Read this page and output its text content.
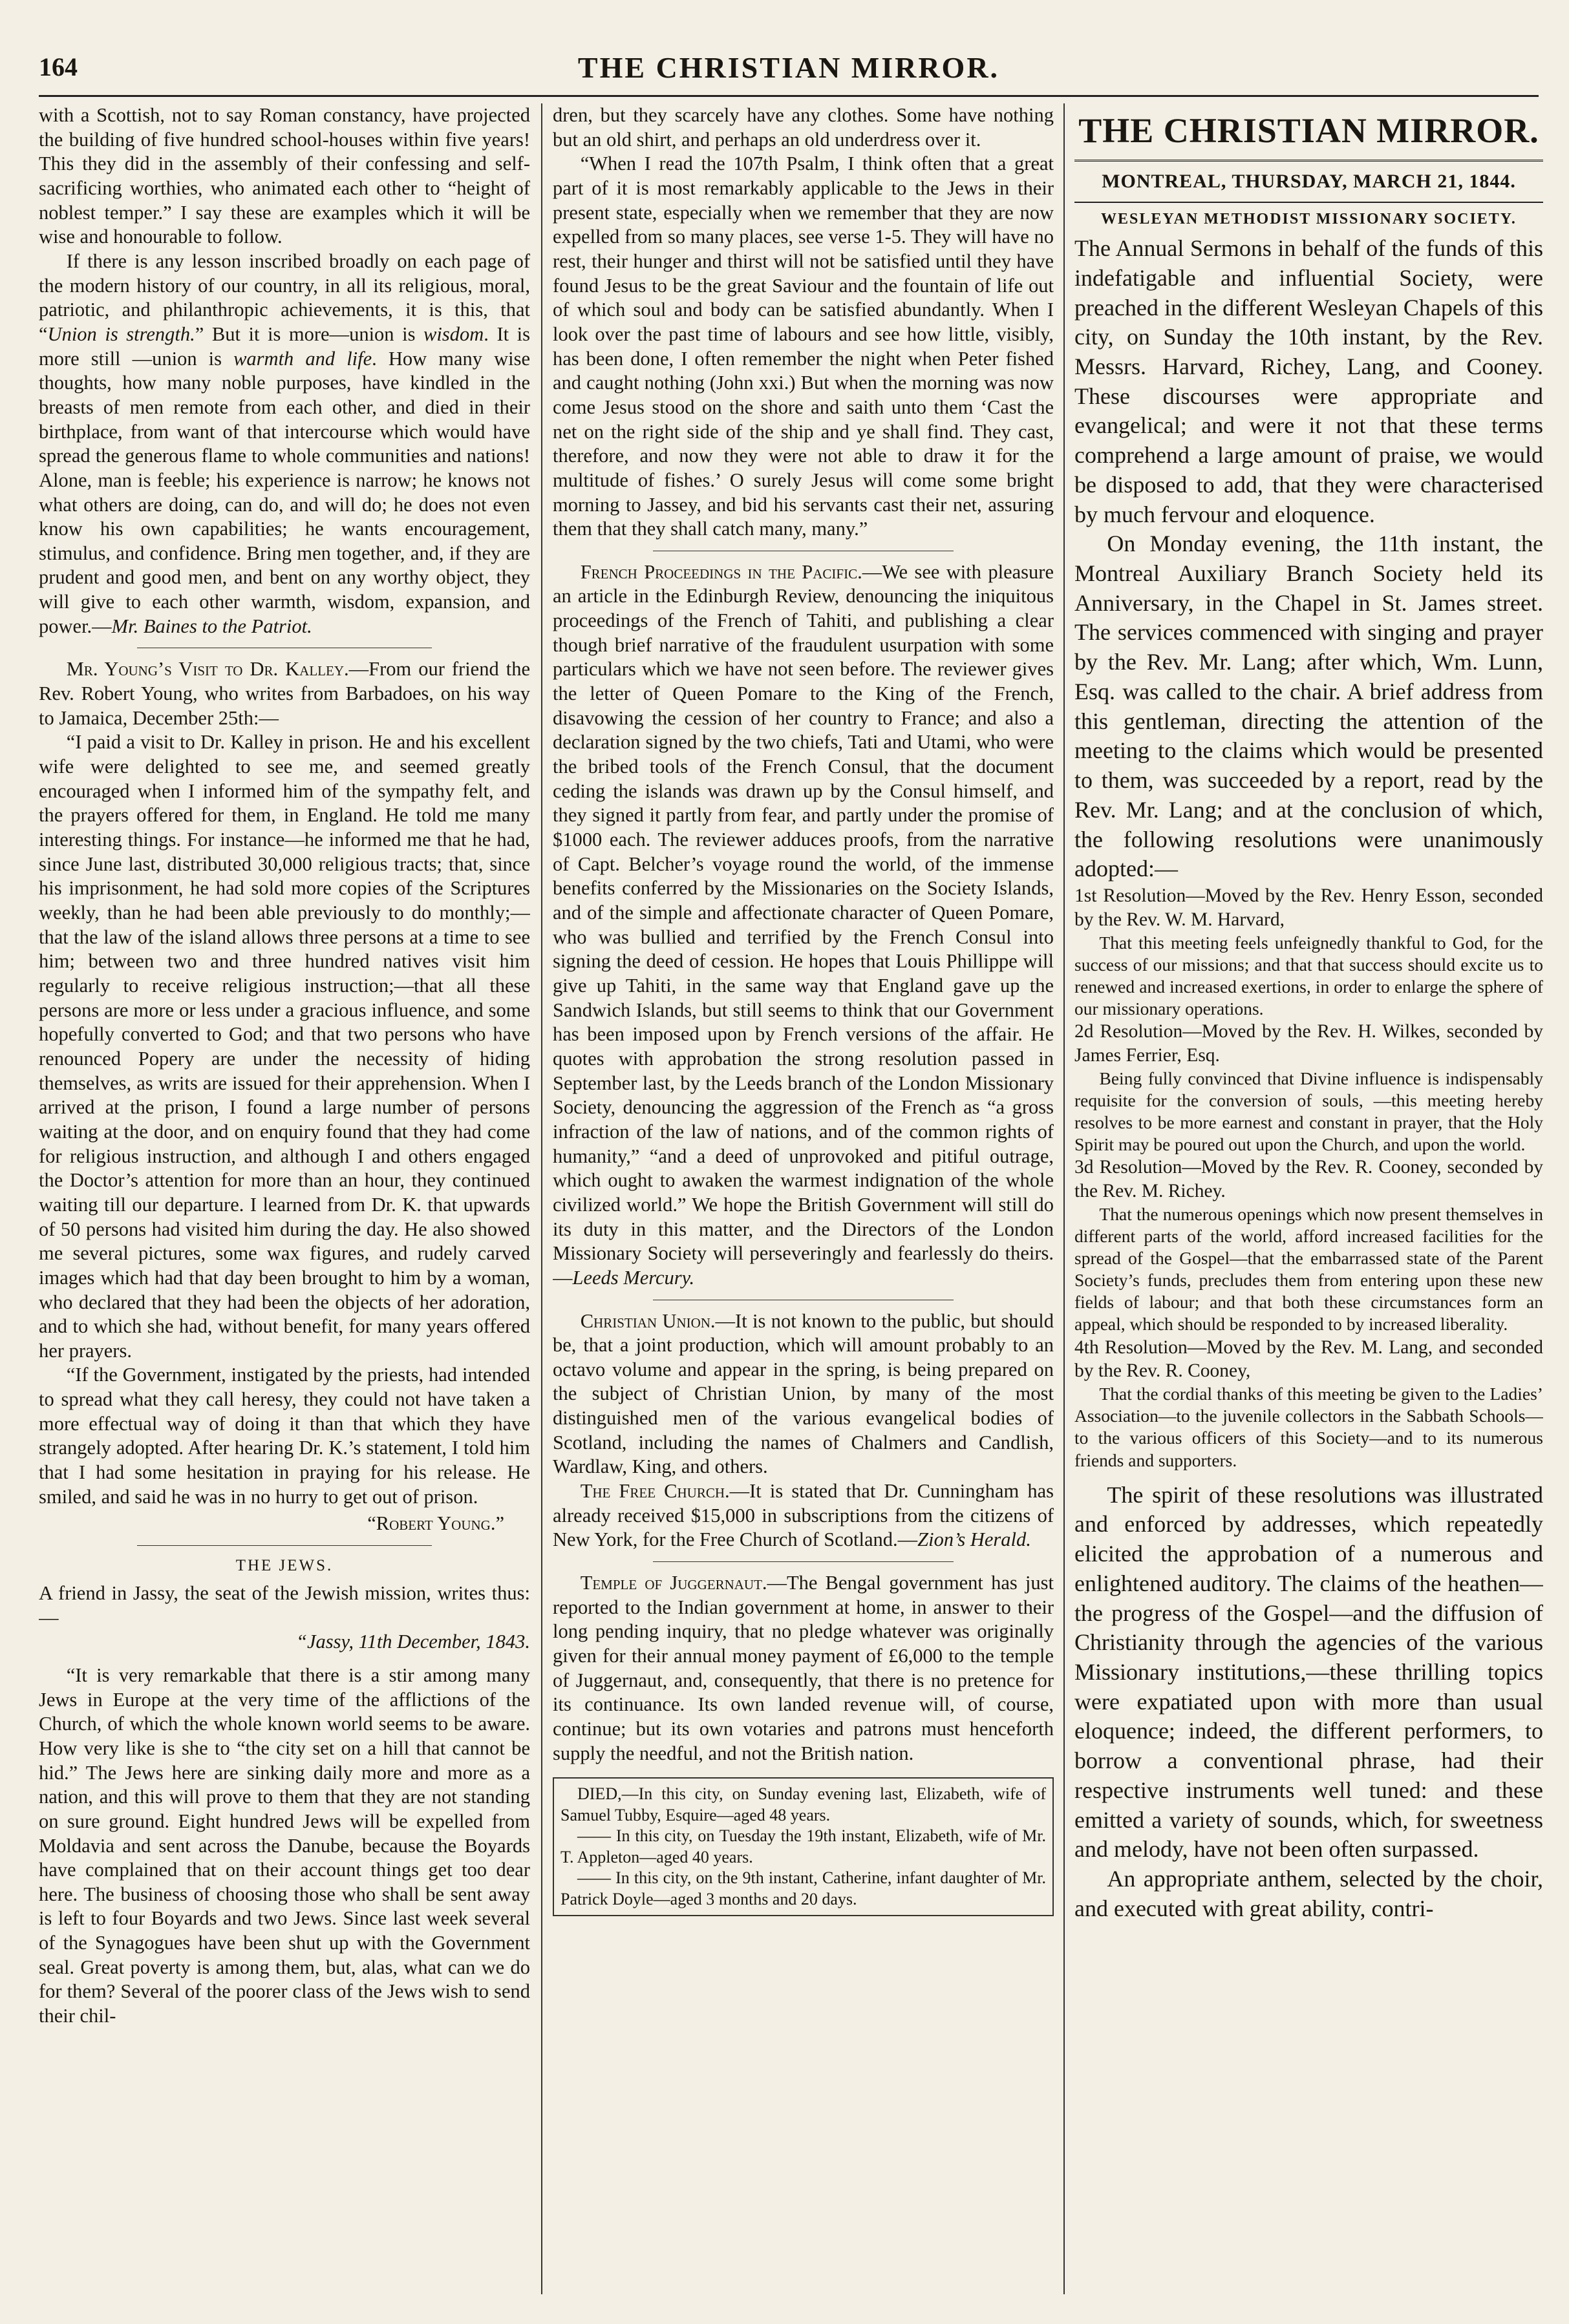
164	THE CHRISTIAN MIRROR.

with a Scottish, not to say Roman constancy, have projected the building of five hundred school-houses within five years! This they did in the assembly of their confessing and self-sacrificing worthies, who animated each other to “height of noblest temper.” I say these are examples which it will be wise and honourable to follow.

If there is any lesson inscribed broadly on each page of the modern history of our country, in all its religious, moral, patriotic, and philanthropic achievements, it is this, that “Union is strength.” But it is more—union is wisdom. It is more still —union is warmth and life. How many wise thoughts, how many noble purposes, have kindled in the breasts of men remote from each other, and died in their birthplace, from want of that intercourse which would have spread the generous flame to whole communities and nations! Alone, man is feeble; his experience is narrow; he knows not what others are doing, can do, and will do; he does not even know his own capabilities; he wants encouragement, stimulus, and confidence. Bring men together, and, if they are prudent and good men, and bent on any worthy object, they will give to each other warmth, wisdom, expansion, and power.—Mr. Baines to the Patriot.

Mr. Young’s Visit to Dr. Kalley.—From our friend the Rev. Robert Young, who writes from Barbadoes, on his way to Jamaica, December 25th:—

“I paid a visit to Dr. Kalley in prison. He and his excellent wife were delighted to see me, and seemed greatly encouraged when I informed him of the sympathy felt, and the prayers offered for them, in England. He told me many interesting things. For instance—he informed me that he had, since June last, distributed 30,000 religious tracts; that, since his imprisonment, he had sold more copies of the Scriptures weekly, than he had been able previously to do monthly;—that the law of the island allows three persons at a time to see him; between two and three hundred natives visit him regularly to receive religious instruction;—that all these persons are more or less under a gracious influence, and some hopefully converted to God; and that two persons who have renounced Popery are under the necessity of hiding themselves, as writs are issued for their apprehension. When I arrived at the prison, I found a large number of persons waiting at the door, and on enquiry found that they had come for religious instruction, and although I and others engaged the Doctor’s attention for more than an hour, they continued waiting till our departure. I learned from Dr. K. that upwards of 50 persons had visited him during the day. He also showed me several pictures, some wax figures, and rudely carved images which had that day been brought to him by a woman, who declared that they had been the objects of her adoration, and to which she had, without benefit, for many years offered her prayers.

“If the Government, instigated by the priests, had intended to spread what they call heresy, they could not have taken a more effectual way of doing it than that which they have strangely adopted. After hearing Dr. K.’s statement, I told him that I had some hesitation in praying for his release. He smiled, and said he was in no hurry to get out of prison.

“Robert Young.”
THE JEWS.

A friend in Jassy, the seat of the Jewish mission, writes thus:—

“Jassy, 11th December, 1843.

“It is very remarkable that there is a stir among many Jews in Europe at the very time of the afflictions of the Church, of which the whole known world seems to be aware. How very like is she to “the city set on a hill that cannot be hid.” The Jews here are sinking daily more and more as a nation, and this will prove to them that they are not standing on sure ground. Eight hundred Jews will be expelled from Moldavia and sent across the Danube, because the Boyards have complained that on their account things get too dear here. The business of choosing those who shall be sent away is left to four Boyards and two Jews. Since last week several of the Synagogues have been shut up with the Government seal. Great poverty is among them, but, alas, what can we do for them? Several of the poorer class of the Jews wish to send their chil-

dren, but they scarcely have any clothes. Some have nothing but an old shirt, and perhaps an old underdress over it.

“When I read the 107th Psalm, I think often that a great part of it is most remarkably applicable to the Jews in their present state, especially when we remember that they are now expelled from so many places, see verse 1-5. They will have no rest, their hunger and thirst will not be satisfied until they have found Jesus to be the great Saviour and the fountain of life out of which soul and body can be satisfied abundantly. When I look over the past time of labours and see how little, visibly, has been done, I often remember the night when Peter fished and caught nothing (John xxi.) But when the morning was now come Jesus stood on the shore and saith unto them ‘Cast the net on the right side of the ship and ye shall find. They cast, therefore, and now they were not able to draw it for the multitude of fishes.’ O surely Jesus will come some bright morning to Jassey, and bid his servants cast their net, assuring them that they shall catch many, many.”

French Proceedings in the Pacific.—We see with pleasure an article in the Edinburgh Review, denouncing the iniquitous proceedings of the French of Tahiti, and publishing a clear though brief narrative of the fraudulent usurpation with some particulars which we have not seen before. The reviewer gives the letter of Queen Pomare to the King of the French, disavowing the cession of her country to France; and also a declaration signed by the two chiefs, Tati and Utami, who were the bribed tools of the French Consul, that the document ceding the islands was drawn up by the Consul himself, and they signed it partly from fear, and partly under the promise of $1000 each. The reviewer adduces proofs, from the narrative of Capt. Belcher’s voyage round the world, of the immense benefits conferred by the Missionaries on the Society Islands, and of the simple and affectionate character of Queen Pomare, who was bullied and terrified by the French Consul into signing the deed of cession. He hopes that Louis Phillippe will give up Tahiti, in the same way that England gave up the Sandwich Islands, but still seems to think that our Government has been imposed upon by French versions of the affair. He quotes with approbation the strong resolution passed in September last, by the Leeds branch of the London Missionary Society, denouncing the aggression of the French as “a gross infraction of the law of nations, and of the common rights of humanity,” “and a deed of unprovoked and pitiful outrage, which ought to awaken the warmest indignation of the whole civilized world.” We hope the British Government will still do its duty in this matter, and the Directors of the London Missionary Society will perseveringly and fearlessly do theirs.—Leeds Mercury.

Christian Union.—It is not known to the public, but should be, that a joint production, which will amount probably to an octavo volume and appear in the spring, is being prepared on the subject of Christian Union, by many of the most distinguished men of the various evangelical bodies of Scotland, including the names of Chalmers and Candlish, Wardlaw, King, and others.

The Free Church.—It is stated that Dr. Cunningham has already received $15,000 in subscriptions from the citizens of New York, for the Free Church of Scotland.—Zion’s Herald.

Temple of Juggernaut.—The Bengal government has just reported to the Indian government at home, in answer to their long pending inquiry, that no pledge whatever was originally given for their annual money payment of £6,000 to the temple of Juggernaut, and, consequently, that there is no pretence for its continuance. Its own landed revenue will, of course, continue; but its own votaries and patrons must henceforth supply the needful, and not the British nation.

DIED,—In this city, on Sunday evening last, Elizabeth, wife of Samuel Tubby, Esquire—aged 48 years.

—— In this city, on Tuesday the 19th instant, Elizabeth, wife of Mr. T. Appleton—aged 40 years.

—— In this city, on the 9th instant, Catherine, infant daughter of Mr. Patrick Doyle—aged 3 months and 20 days.

THE CHRISTIAN MIRROR.
MONTREAL, THURSDAY, MARCH 21, 1844.
WESLEYAN METHODIST MISSIONARY SOCIETY.

The Annual Sermons in behalf of the funds of this indefatigable and influential Society, were preached in the different Wesleyan Chapels of this city, on Sunday the 10th instant, by the Rev. Messrs. Harvard, Richey, Lang, and Cooney. These discourses were appropriate and evangelical; and were it not that these terms comprehend a large amount of praise, we would be disposed to add, that they were characterised by much fervour and eloquence.

On Monday evening, the 11th instant, the Montreal Auxiliary Branch Society held its Anniversary, in the Chapel in St. James street. The services commenced with singing and prayer by the Rev. Mr. Lang; after which, Wm. Lunn, Esq. was called to the chair. A brief address from this gentleman, directing the attention of the meeting to the claims which would be presented to them, was succeeded by a report, read by the Rev. Mr. Lang; and at the conclusion of which, the following resolutions were unanimously adopted:—

1st Resolution—Moved by the Rev. Henry Esson, seconded by the Rev. W. M. Harvard,

That this meeting feels unfeignedly thankful to God, for the success of our missions; and that that success should excite us to renewed and increased exertions, in order to enlarge the sphere of our missionary operations.

2d Resolution—Moved by the Rev. H. Wilkes, seconded by James Ferrier, Esq.

Being fully convinced that Divine influence is indispensably requisite for the conversion of souls, —this meeting hereby resolves to be more earnest and constant in prayer, that the Holy Spirit may be poured out upon the Church, and upon the world.

3d Resolution—Moved by the Rev. R. Cooney, seconded by the Rev. M. Richey.

That the numerous openings which now present themselves in different parts of the world, afford increased facilities for the spread of the Gospel—that the embarrassed state of the Parent Society’s funds, precludes them from entering upon these new fields of labour; and that both these circumstances form an appeal, which should be responded to by increased liberality.

4th Resolution—Moved by the Rev. M. Lang, and seconded by the Rev. R. Cooney,

That the cordial thanks of this meeting be given to the Ladies’ Association—to the juvenile collectors in the Sabbath Schools—to the various officers of this Society—and to its numerous friends and supporters.

The spirit of these resolutions was illustrated and enforced by addresses, which repeatedly elicited the approbation of a numerous and enlightened auditory. The claims of the heathen—the progress of the Gospel—and the diffusion of Christianity through the agencies of the various Missionary institutions,—these thrilling topics were expatiated upon with more than usual eloquence; indeed, the different performers, to borrow a conventional phrase, had their respective instruments well tuned: and these emitted a variety of sounds, which, for sweetness and melody, have not been often surpassed.

An appropriate anthem, selected by the choir, and executed with great ability, contri-
